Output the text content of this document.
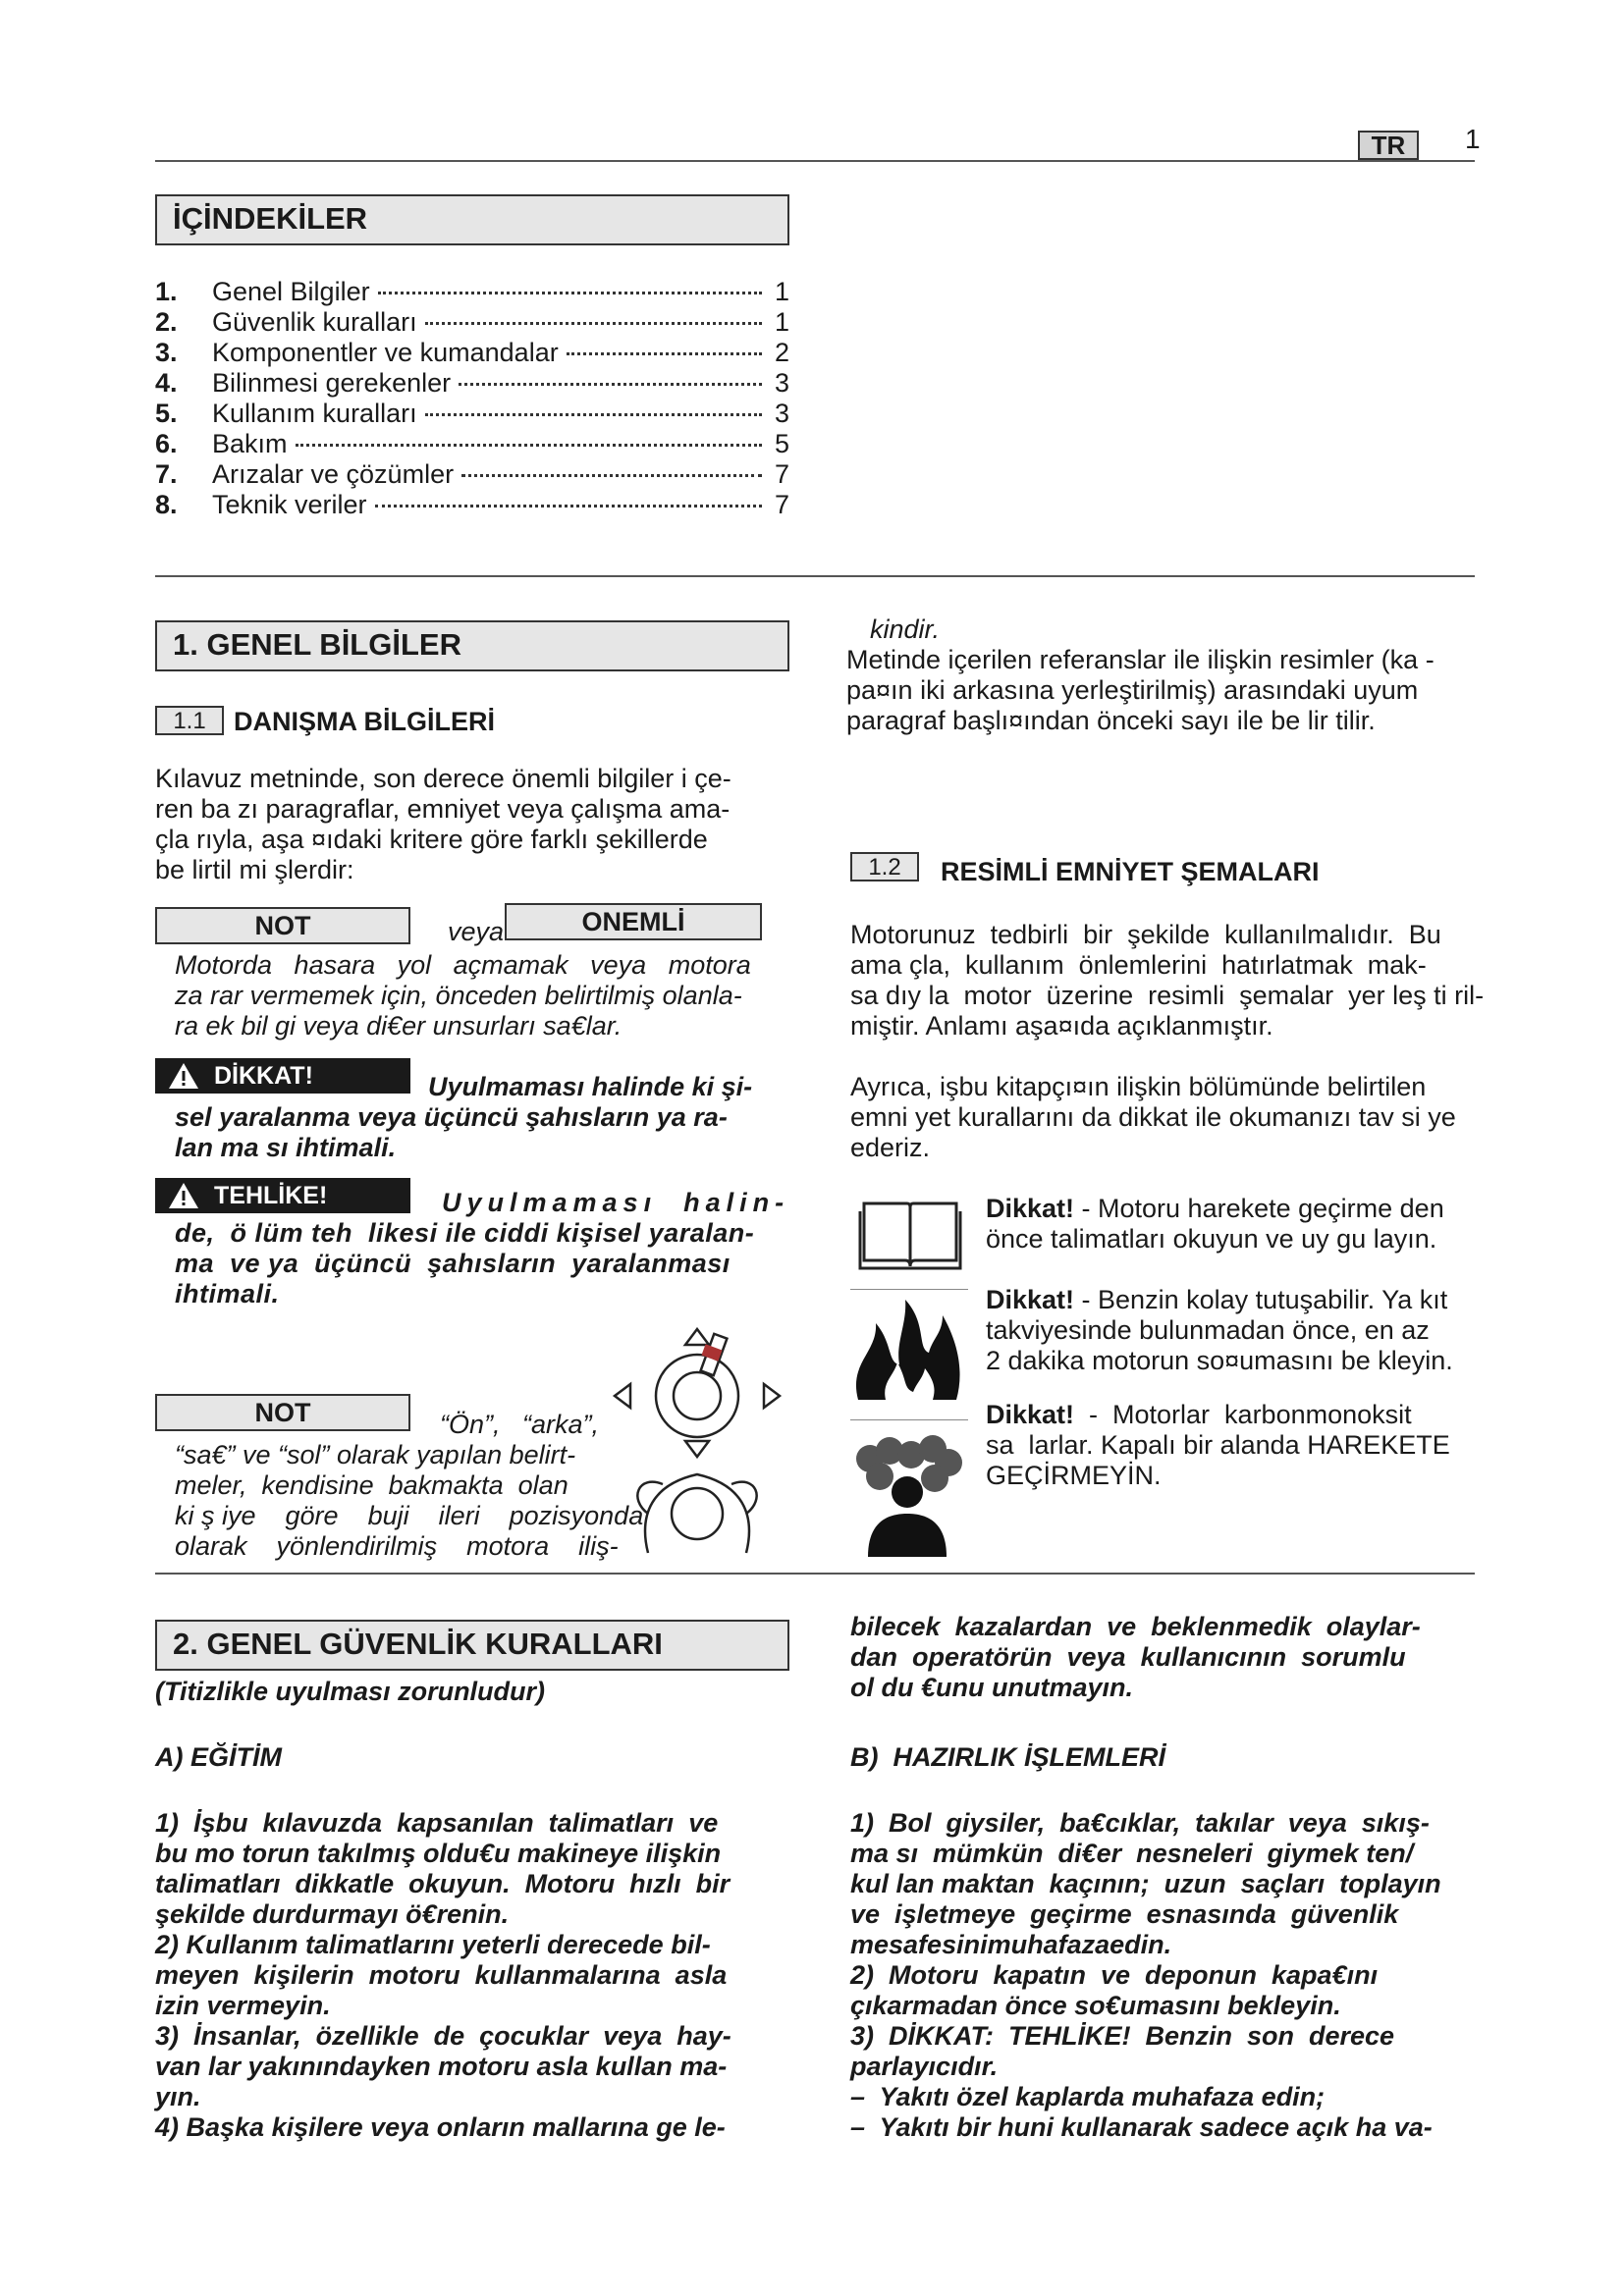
TR	1
İÇİNDEKİLER
1.	Genel Bilgiler	1
2.	Güvenlik kuralları	1
3.	Komponentler ve kumandalar	2
4.	Bilinmesi gerekenler	3
5.	Kullanım kuralları	3
6.	Bakım	5
7.	Arızalar ve çözümler	7
8.	Teknik veriler	7
1. GENEL BİLGİLER
1.1	DANIŞMA BİLGİLERİ
Kılavuz metninde, son derece önemli bilgiler i çe-
ren ba zı paragraflar, emniyet veya çalışma ama-
çla rıyla, aşa ¤ıdaki kritere göre farklı şekillerde
be lirtil mi şlerdir:
NOT	veya	ONEMLİ
Motorda   hasara   yol   açmamak   veya   motora
za rar vermemek için, önceden belirtilmiş olanla-
ra ek bil gi veya di€er unsurları sa€lar.
DİKKAT!	Uyulmaması halinde ki şi-
sel yaralanma veya üçüncü şahısların ya ra-
lan ma sı ihtimali.
TEHLİKE!	Uyulmaması  halin-
de,  ö lüm teh  likesi ile ciddi kişisel yaralan-
ma  ve ya  üçüncü  şahısların  yaralanması
ihtimali.
NOT	“Ön”,   “arka”,
“sa€” ve “sol” olarak yapılan belirt-
meler,  kendisine  bakmakta  olan
ki ş iye    göre    buji    ileri    pozisyonda
olarak    yönlendirilmiş    motora    iliş-
kindir.
Metinde içerilen referanslar ile ilişkin resimler (ka -
pa¤ın iki arkasına yerleştirilmiş) arasındaki uyum
paragraf başlı¤ından önceki sayı ile be lir tilir.
1.2	RESİMLİ EMNİYET ŞEMALARI
Motorunuz  tedbirli  bir  şekilde  kullanılmalıdır.  Bu
ama çla,  kullanım  önlemlerini  hatırlatmak  mak-
sa dıy la  motor  üzerine  resimli  şemalar  yer leş ti ril-
miştir. Anlamı aşa¤ıda açıklanmıştır.
Ayrıca, işbu kitapçı¤ın ilişkin bölümünde belirtilen
emni yet kurallarını da dikkat ile okumanızı tav si ye
ederiz.
Dikkat! - Motoru harekete geçirme den
önce talimatları okuyun ve uy gu layın.
Dikkat! - Benzin kolay tutuşabilir. Ya kıt
takviyesinde bulunmadan önce, en az
2 dakika motorun so¤umasını be kleyin.
Dikkat!  -  Motorlar  karbonmonoksit
sa  larlar. Kapalı bir alanda HAREKETE
GEÇİRMEYİN.
2. GENEL GÜVENLİK KURALLARI
(Titizlikle uyulması zorunludur)
A) EĞİTİM
1)  İşbu  kılavuzda  kapsanılan  talimatları  ve
bu mo torun takılmış oldu€u makineye ilişkin
talimatları  dikkatle  okuyun.  Motoru  hızlı  bir
şekilde durdurmayı ö€renin.
2) Kullanım talimatlarını yeterli derecede bil-
meyen  kişilerin  motoru  kullanmalarına  asla
izin vermeyin.
3)  İnsanlar,  özellikle  de  çocuklar  veya  hay-
van lar yakınındayken motoru asla kullan ma-
yın.
4) Başka kişilere veya onların mallarına ge le-
bilecek  kazalardan  ve  beklenmedik  olaylar-
dan  operatörün  veya  kullanıcının  sorumlu
ol du €unu unutmayın.
B)  HAZIRLIK İŞLEMLERİ
1)  Bol  giysiler,  ba€cıklar,  takılar  veya  sıkış-
ma sı  mümkün  di€er  nesneleri  giymek ten/
kul lan maktan  kaçının;  uzun  saçları  toplayın
ve  işletmeye  geçirme  esnasında  güvenlik
mesafesinimuhafazaedin.
2)  Motoru  kapatın  ve  deponun  kapa€ını
çıkarmadan önce so€umasını bekleyin.
3)  DİKKAT:  TEHLİKE!  Benzin  son  derece
parlayıcıdır.
–  Yakıtı özel kaplarda muhafaza edin;
–  Yakıtı bir huni kullanarak sadece açık ha va-
